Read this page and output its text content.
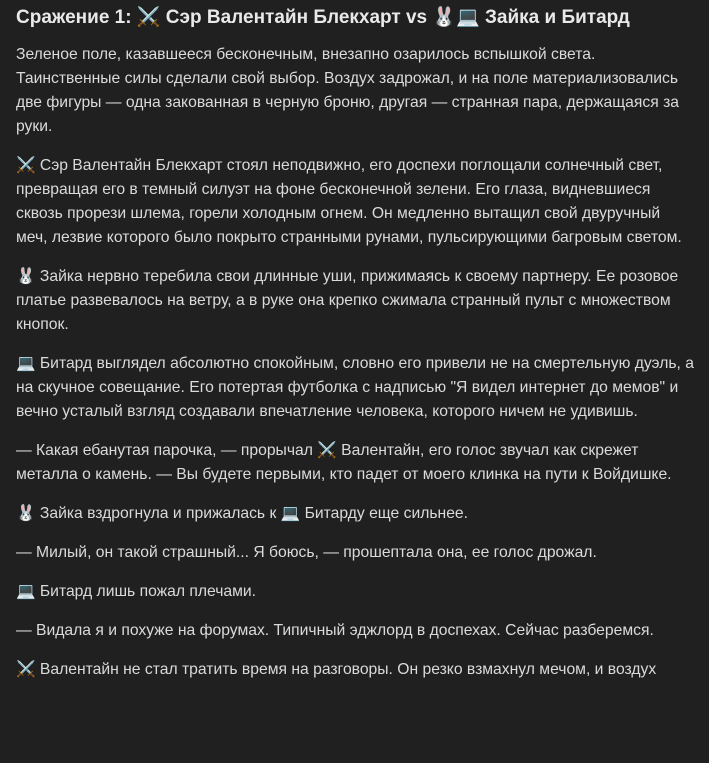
Сражение 1: ⚔️ Сэр Валентайн Блекхарт vs 🐰💻 Зайка и Битард
Зеленое поле, казавшееся бесконечным, внезапно озарилось вспышкой света. Таинственные силы сделали свой выбор. Воздух задрожал, и на поле материализовались две фигуры — одна закованная в черную броню, другая — странная пара, держащаяся за руки.
⚔️ Сэр Валентайн Блекхарт стоял неподвижно, его доспехи поглощали солнечный свет, превращая его в темный силуэт на фоне бесконечной зелени. Его глаза, видневшиеся сквозь прорези шлема, горели холодным огнем. Он медленно вытащил свой двуручный меч, лезвие которого было покрыто странными рунами, пульсирующими багровым светом.
🐰 Зайка нервно теребила свои длинные уши, прижимаясь к своему партнеру. Ее розовое платье развевалось на ветру, а в руке она крепко сжимала странный пульт с множеством кнопок.
💻 Битард выглядел абсолютно спокойным, словно его привели не на смертельную дуэль, а на скучное совещание. Его потертая футболка с надписью "Я видел интернет до мемов" и вечно усталый взгляд создавали впечатление человека, которого ничем не удивишь.
— Какая ебанутая парочка, — прорычал ⚔️ Валентайн, его голос звучал как скрежет металла о камень. — Вы будете первыми, кто падет от моего клинка на пути к Войдишке.
🐰 Зайка вздрогнула и прижалась к 💻 Битарду еще сильнее.
— Милый, он такой страшный... Я боюсь, — прошептала она, ее голос дрожал.
💻 Битард лишь пожал плечами.
— Видала я и похуже на форумах. Типичный эджлорд в доспехах. Сейчас разберемся.
⚔️ Валентайн не стал тратить время на разговоры. Он резко взмахнул мечом, и воздух
